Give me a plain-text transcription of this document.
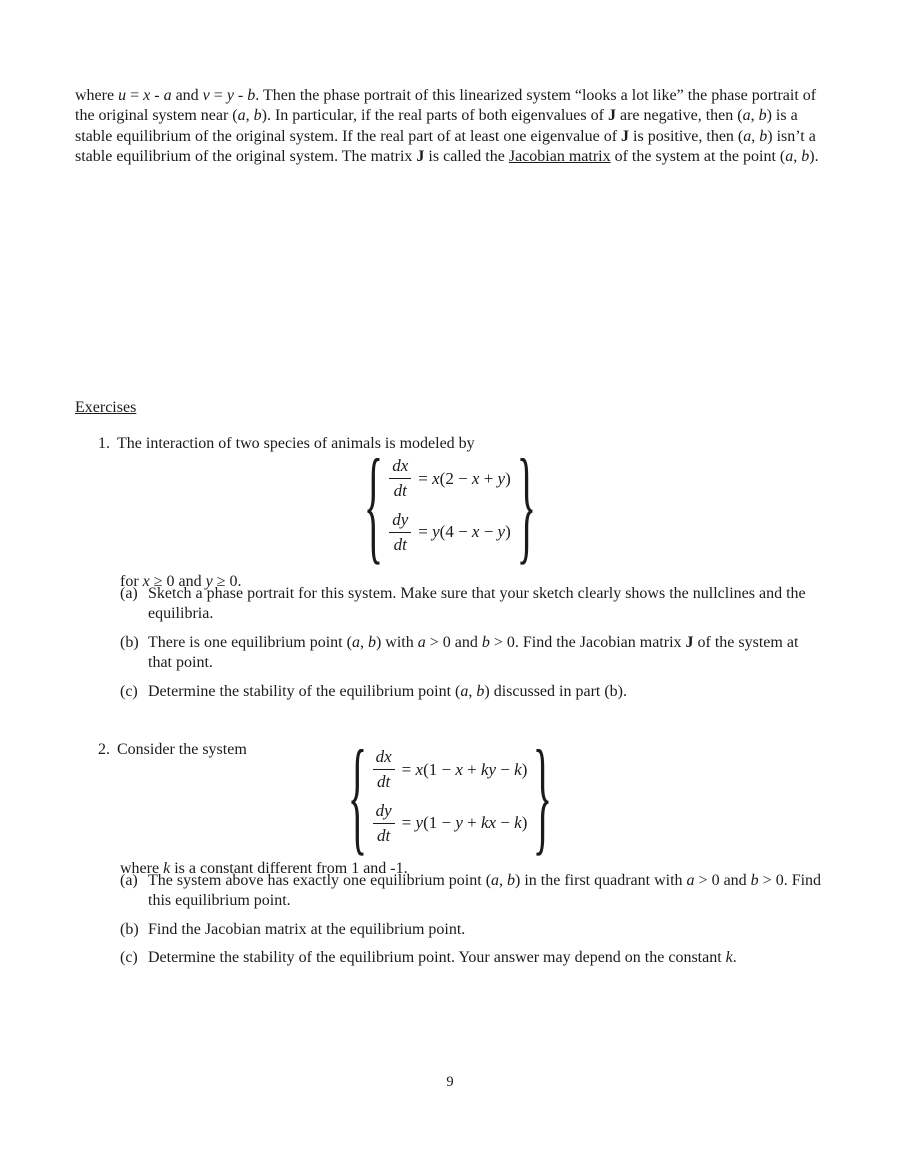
where u = x - a and v = y - b. Then the phase portrait of this linearized system “looks a lot like” the phase portrait of the original system near (a, b). In particular, if the real parts of both eigenvalues of J are negative, then (a, b) is a stable equilibrium of the original system. If the real part of at least one eigenvalue of J is positive, then (a, b) isn’t a stable equilibrium of the original system. The matrix J is called the Jacobian matrix of the system at the point (a, b).

Exercises

1. The interaction of two species of animals is modeled by

{ $\frac{dx}{dt} = x(2 - x + y)$
$\frac{dy}{dt} = y(4 - x - y)$ }

for x ≥ 0 and y ≥ 0.

(a) Sketch a phase portrait for this system. Make sure that your sketch clearly shows the nullclines and the equilibria.
(b) There is one equilibrium point (a, b) with a > 0 and b > 0. Find the Jacobian matrix J of the system at that point.
(c) Determine the stability of the equilibrium point (a, b) discussed in part (b).

2. Consider the system { $\frac{dx}{dt} = x(1 - x$ + ky − k)
$\frac{dy}{dt} = y(1 - y$ + kx − k) }

where k is a constant different from 1 and -1.

(a) The system above has exactly one equilibrium point (a, b) in the first quadrant with a > 0 and b > 0. Find this equilibrium point.
(b) Find the Jacobian matrix at the equilibrium point.
(c) Determine the stability of the equilibrium point. Your answer may depend on the constant k.
9
